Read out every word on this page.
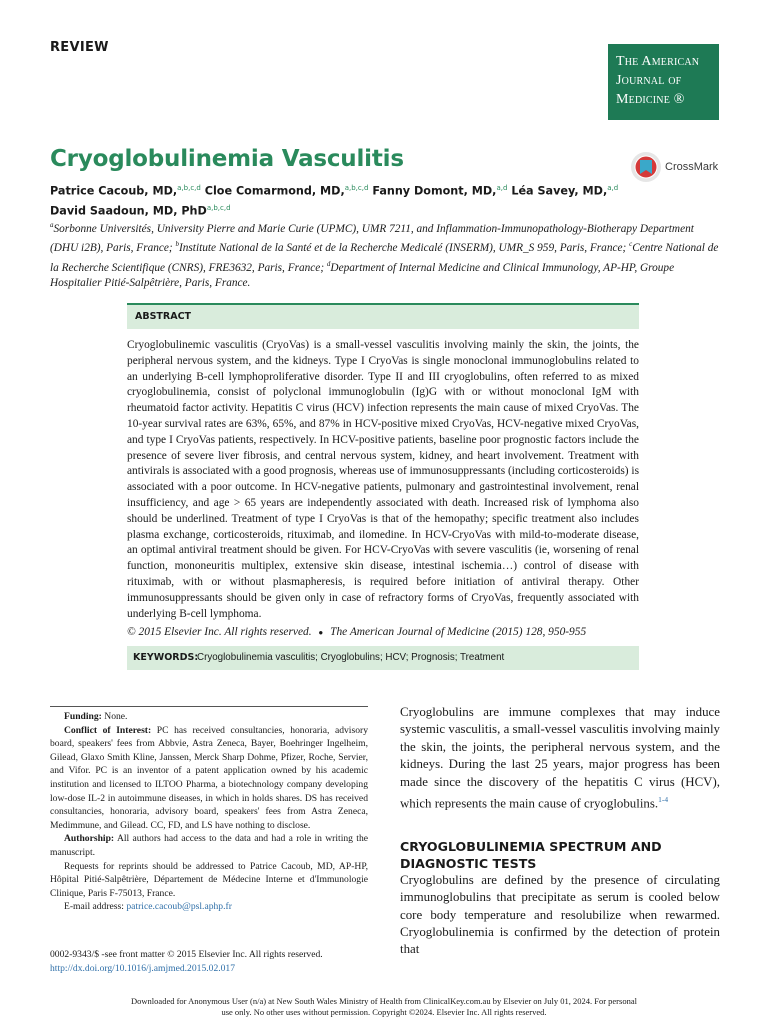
REVIEW
The American
Journal of
Medicine ®
Cryoglobulinemia Vasculitis	CrossMark
Patrice Cacoub, MD,$^{a,b,c,d}$ Cloe Comarmond, MD,$^{a,b,c,d}$ Fanny Domont, MD,$^{a,d}$ Léa Savey, MD,$^{a,d}$
David Saadoun, MD, PhD$^{a,b,c,d}$
$^a$Sorbonne Universités, University Pierre and Marie Curie (UPMC), UMR 7211, and Inflammation-Immunopathology-Biotherapy Department (DHU i2B), Paris, France; $^b$Institute National de la Santé et de la Recherche Medicalé (INSERM), UMR_S 959, Paris, France; $^c$Centre National de la Recherche Scientifique (CNRS), FRE3632, Paris, France; $^d$Department of Internal Medicine and Clinical Immunology, AP-HP, Groupe Hospitalier Pitié-Salpêtrière, Paris, France.
ABSTRACT
Cryoglobulinemic vasculitis (CryoVas) is a small-vessel vasculitis involving mainly the skin, the joints, the peripheral nervous system, and the kidneys. Type I CryoVas is single monoclonal immunoglobulins related to an underlying B-cell lymphoproliferative disorder. Type II and III cryoglobulins, often referred to as mixed cryoglobulinemia, consist of polyclonal immunoglobulin (Ig)G with or without monoclonal IgM with rheumatoid factor activity. Hepatitis C virus (HCV) infection represents the main cause of mixed CryoVas. The 10-year survival rates are 63%, 65%, and 87% in HCV-positive mixed CryoVas, HCV-negative mixed CryoVas, and type I CryoVas patients, respectively. In HCV-positive patients, baseline poor prognostic factors include the presence of severe liver fibrosis, and central nervous system, kidney, and heart involvement. Treatment with antivirals is associated with a good prognosis, whereas use of immunosuppressants (including corticosteroids) is associated with a poor outcome. In HCV-negative patients, pulmonary and gastrointestinal involvement, renal insufficiency, and age > 65 years are independently associated with death. Increased risk of lymphoma also should be underlined. Treatment of type I CryoVas is that of the hemopathy; specific treatment also includes plasma exchange, corticosteroids, rituximab, and ilomedine. In HCV-CryoVas with mild-to-moderate disease, an optimal antiviral treatment should be given. For HCV-CryoVas with severe vasculitis (ie, worsening of renal function, mononeuritis multiplex, extensive skin disease, intestinal ischemia…) control of disease with rituximab, with or without plasmapheresis, is required before initiation of antiviral therapy. Other immunosuppressants should be given only in case of refractory forms of CryoVas, frequently associated with underlying B-cell lymphoma.
© 2015 Elsevier Inc. All rights reserved. ● The American Journal of Medicine (2015) 128, 950-955
KEYWORDS:
Cryoglobulinemia vasculitis; Cryoglobulins; HCV; Prognosis; Treatment

Funding: None.

Conflict of Interest: PC has received consultancies, honoraria, advisory board, speakers' fees from Abbvie, Astra Zeneca, Bayer, Boehringer Ingelheim, Gilead, Glaxo Smith Kline, Janssen, Merck Sharp Dohme, Pfizer, Roche, Servier, and Vifor. PC is an inventor of a patent application owned by his academic institution and licensed to ILTOO Pharma, a biotechnology company developing low-dose IL-2 in autoimmune diseases, in which in holds shares. DS has received consultancies, honoraria, advisory board, speakers' fees from Astra Zeneca, Medimmune, and Gilead. CC, FD, and LS have nothing to disclose.

Authorship: All authors had access to the data and had a role in writing the manuscript.

Requests for reprints should be addressed to Patrice Cacoub, MD, AP-HP, Hôpital Pitié-Salpêtrière, Département de Médecine Interne et d'Immunologie Clinique, Paris F-75013, France.

E-mail address: patrice.cacoub@psl.aphp.fr

Cryoglobulins are immune complexes that may induce systemic vasculitis, a small-vessel vasculitis involving mainly the skin, the joints, the peripheral nervous system, and the kidneys. During the last 25 years, major progress has been made since the discovery of the hepatitis C virus (HCV), which represents the main cause of cryoglobulins.$^{1-4}$

CRYOGLOBULINEMIA SPECTRUM AND DIAGNOSTIC TESTS

Cryoglobulins are defined by the presence of circulating immunoglobulins that precipitate as serum is cooled below core body temperature and resolubilize when rewarmed. Cryoglobulinemia is confirmed by the detection of protein that

0002-9343/$ -see front matter © 2015 Elsevier Inc. All rights reserved.
http://dx.doi.org/10.1016/j.amjmed.2015.02.017
Downloaded for Anonymous User (n/a) at New South Wales Ministry of Health from ClinicalKey.com.au by Elsevier on July 01, 2024. For personal use only. No other uses without permission. Copyright ©2024. Elsevier Inc. All rights reserved.
